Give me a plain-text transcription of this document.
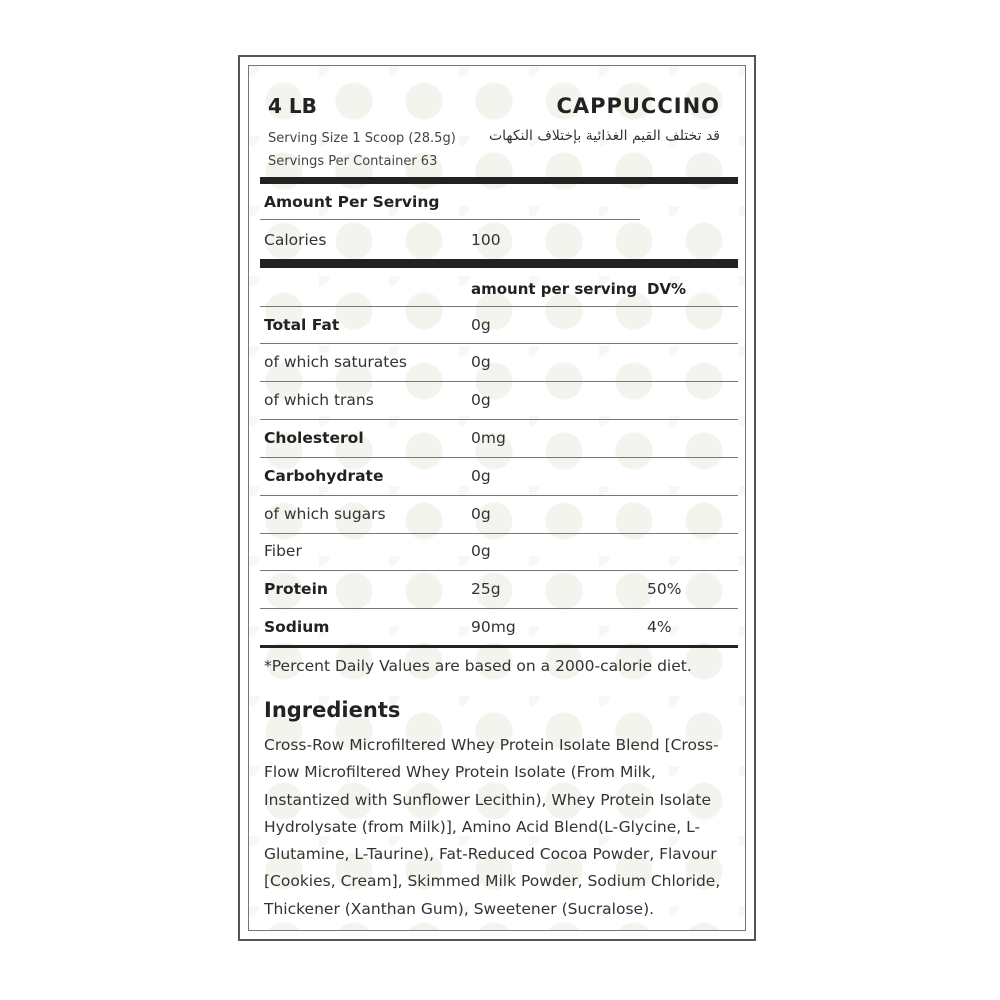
4 LB	CAPPUCCINO
قد تختلف القيم الغذائية بإختلاف النكهات
Serving Size 1 Scoop (28.5g)
Servings Per Container 63
Amount Per Serving
Calories	100
amount per serving DV%
Total Fat	0g
of which saturates	0g
of which trans	0g
Cholesterol	0mg
Carbohydrate	0g
of which sugars	0g
Fiber	0g
Protein	25g	50%
Sodium	90mg	4%
*Percent Daily Values are based on a 2000-calorie diet.
Ingredients
Cross-Row Microfiltered Whey Protein Isolate Blend [Cross-
Flow Microfiltered Whey Protein Isolate (From Milk,
Instantized with Sunflower Lecithin), Whey Protein Isolate
Hydrolysate (from Milk)], Amino Acid Blend(L-Glycine, L-
Glutamine, L-Taurine), Fat-Reduced Cocoa Powder, Flavour
[Cookies, Cream], Skimmed Milk Powder, Sodium Chloride,
Thickener (Xanthan Gum), Sweetener (Sucralose).
